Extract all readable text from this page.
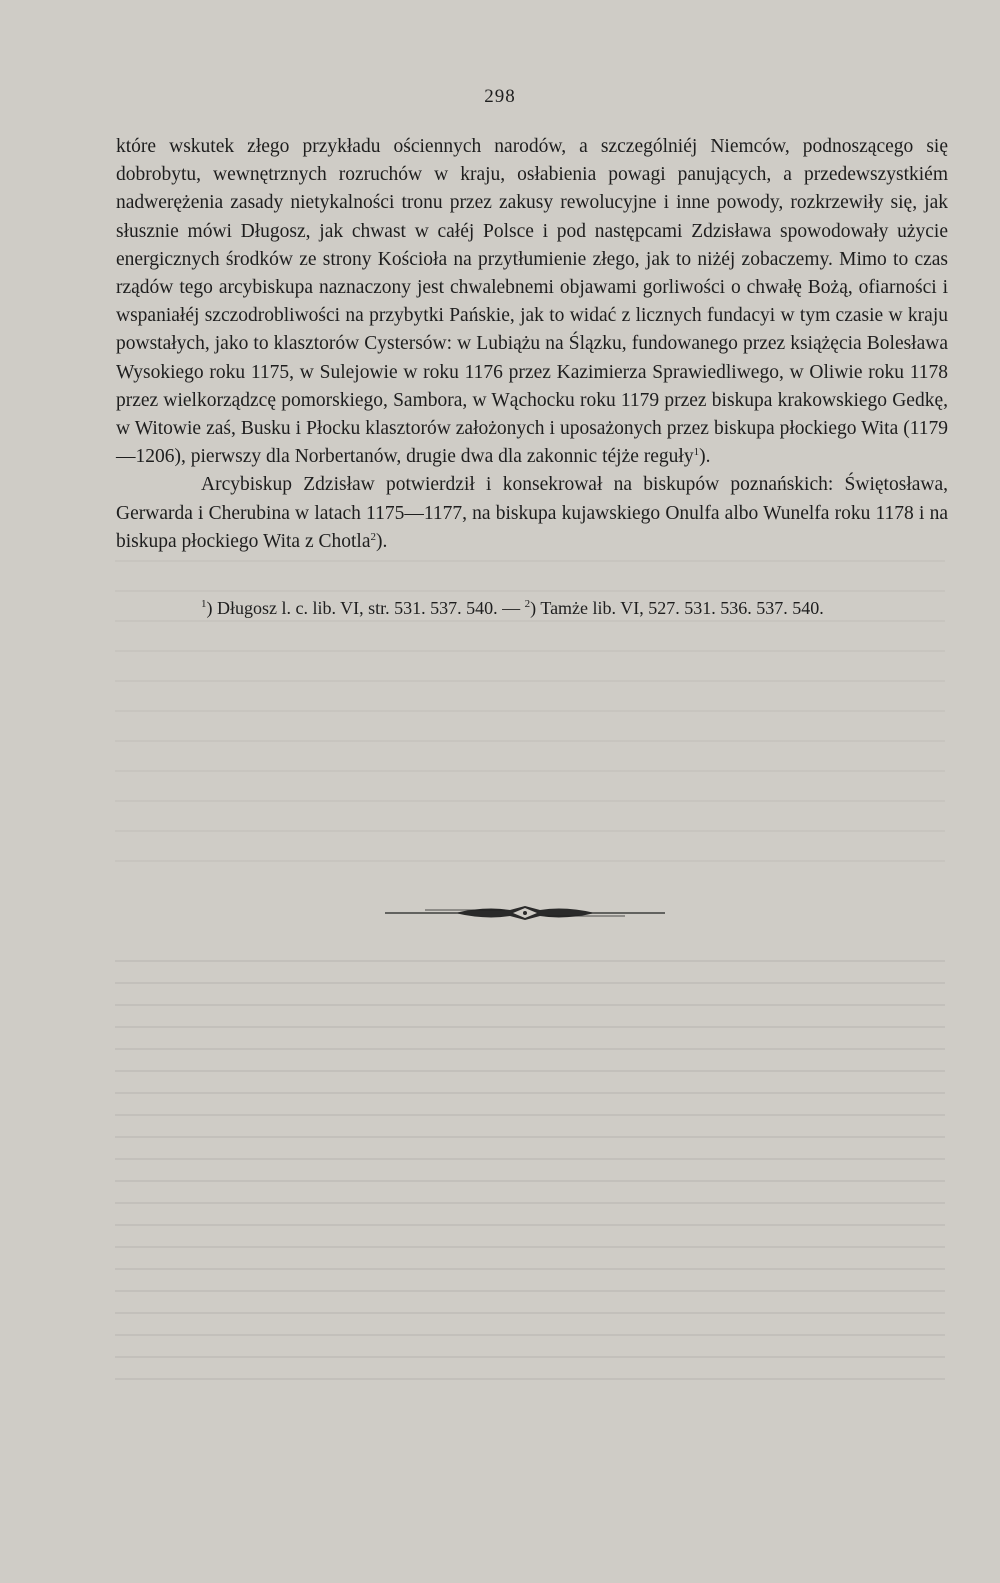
298

które wskutek złego przykładu ościennych narodów, a szczególniéj Niemców, podnoszącego się dobrobytu, wewnętrznych rozruchów w kraju, osłabienia powagi panujących, a przedewszystkiém nadwerężenia zasady nietykalności tronu przez zakusy rewolucyjne i inne powody, rozkrzewiły się, jak słusznie mówi Długosz, jak chwast w całéj Polsce i pod następcami Zdzisława spowodowały użycie energicznych środków ze strony Kościoła na przytłumienie złego, jak to niżéj zobaczemy. Mimo to czas rządów tego arcybiskupa naznaczony jest chwalebnemi objawami gorliwości o chwałę Bożą, ofiarności i wspaniałéj szczodrobliwości na przybytki Pańskie, jak to widać z licznych fundacyi w tym czasie w kraju powstałych, jako to klasztorów Cystersów: w Lubiążu na Ślązku, fundowanego przez książęcia Bolesława Wysokiego roku 1175, w Sulejowie w roku 1176 przez Kazimierza Sprawiedliwego, w Oliwie roku 1178 przez wielkorządzcę pomorskiego, Sambora, w Wąchocku roku 1179 przez biskupa krakowskiego Gedkę, w Witowie zaś, Busku i Płocku klasztorów założonych i uposażonych przez biskupa płockiego Wita (1179—1206), pierwszy dla Norbertanów, drugie dwa dla zakonnic téjże reguły$^1$).

Arcybiskup Zdzisław potwierdził i konsekrował na biskupów poznańskich: Świętosława, Gerwarda i Cherubina w latach 1175—1177, na biskupa kujawskiego Onulfa albo Wunelfa roku 1178 i na biskupa płockiego Wita z Chotla$^2$).

$^1$) Długosz l. c. lib. VI, str. 531. 537. 540. — $^2$) Tamże lib. VI, 527. 531. 536. 537. 540.
